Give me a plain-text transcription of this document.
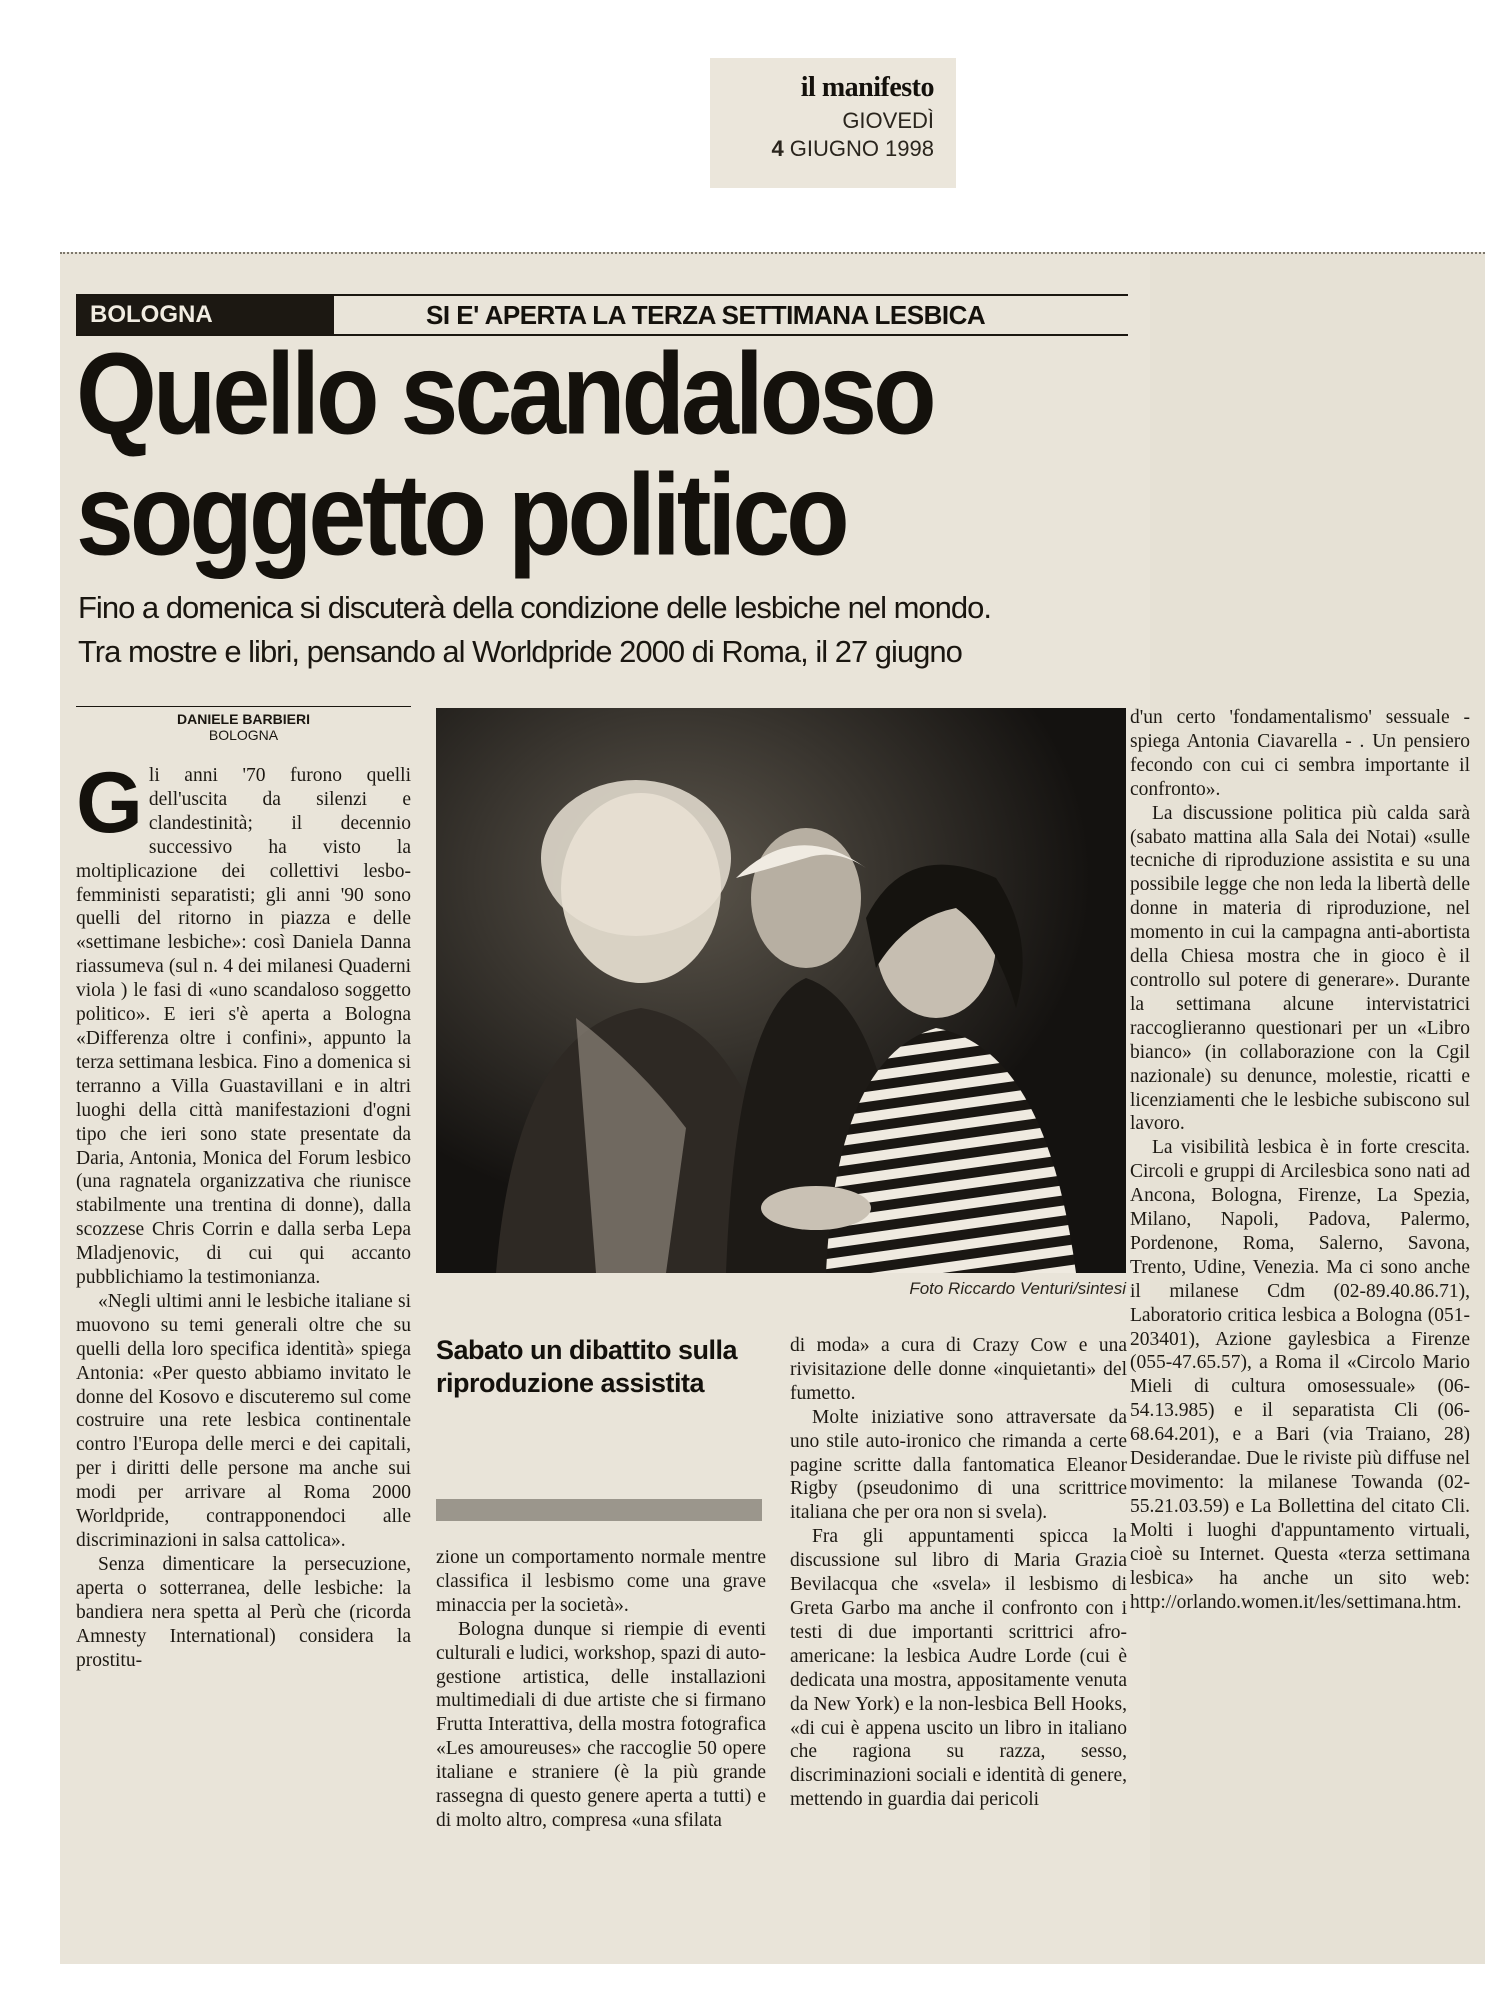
il manifesto
GIOVEDÌ
4 GIUGNO 1998
BOLOGNA	SI E' APERTA LA TERZA SETTIMANA LESBICA
Quello scandaloso
soggetto politico

Fino a domenica si discuterà della condizione delle lesbiche nel mondo.
Tra mostre e libri, pensando al Worldpride 2000 di Roma, il 27 giugno

DANIELE BARBIERI
BOLOGNA

Gli anni '70 furono quelli dell'uscita da silenzi e clandestinità; il decennio successivo ha visto la moltiplicazione dei collettivi lesbo-femministi separatisti; gli anni '90 sono quelli del ritorno in piazza e delle «settimane lesbiche»: così Daniela Danna riassumeva (sul n. 4 dei milanesi Quaderni viola ) le fasi di «uno scandaloso soggetto politico». E ieri s'è aperta a Bologna «Differenza oltre i confini», appunto la terza settimana lesbica. Fino a domenica si terranno a Villa Guastavillani e in altri luoghi della città manifestazioni d'ogni tipo che ieri sono state presentate da Daria, Antonia, Monica del Forum lesbico (una ragnatela organizzativa che riunisce stabilmente una trentina di donne), dalla scozzese Chris Corrin e dalla serba Lepa Mladjenovic, di cui qui accanto pubblichiamo la testimonianza.

«Negli ultimi anni le lesbiche italiane si muovono su temi generali oltre che su quelli della loro specifica identità» spiega Antonia: «Per questo abbiamo invitato le donne del Kosovo e discuteremo sul come costruire una rete lesbica continentale contro l'Europa delle merci e dei capitali, per i diritti delle persone ma anche sui modi per arrivare al Roma 2000 Worldpride, contrapponendoci alle discriminazioni in salsa cattolica».

Senza dimenticare la persecuzione, aperta o sotterranea, delle lesbiche: la bandiera nera spetta al Perù che (ricorda Amnesty International) considera la prostitu-

Foto Riccardo Venturi/sintesi
Sabato un dibattito sulla riproduzione assistita

zione un comportamento normale mentre classifica il lesbismo come una grave minaccia per la società».

Bologna dunque si riempie di eventi culturali e ludici, workshop, spazi di auto-gestione artistica, delle installazioni multimediali di due artiste che si firmano Frutta Interattiva, della mostra fotografica «Les amoureuses» che raccoglie 50 opere italiane e straniere (è la più grande rassegna di questo genere aperta a tutti) e di molto altro, compresa «una sfilata

di moda» a cura di Crazy Cow e una rivisitazione delle donne «inquietanti» del fumetto.

Molte iniziative sono attraversate da uno stile auto-ironico che rimanda a certe pagine scritte dalla fantomatica Eleanor Rigby (pseudonimo di una scrittrice italiana che per ora non si svela).

Fra gli appuntamenti spicca la discussione sul libro di Maria Grazia Bevilacqua che «svela» il lesbismo di Greta Garbo ma anche il confronto con i testi di due importanti scrittrici afro-americane: la lesbica Audre Lorde (cui è dedicata una mostra, appositamente venuta da New York) e la non-lesbica Bell Hooks, «di cui è appena uscito un libro in italiano che ragiona su razza, sesso, discriminazioni sociali e identità di genere, mettendo in guardia dai pericoli

d'un certo 'fondamentalismo' sessuale - spiega Antonia Ciavarella - . Un pensiero fecondo con cui ci sembra importante il confronto».

La discussione politica più calda sarà (sabato mattina alla Sala dei Notai) «sulle tecniche di riproduzione assistita e su una possibile legge che non leda la libertà delle donne in materia di riproduzione, nel momento in cui la campagna anti-abortista della Chiesa mostra che in gioco è il controllo sul potere di generare». Durante la settimana alcune intervistatrici raccoglieranno questionari per un «Libro bianco» (in collaborazione con la Cgil nazionale) su denunce, molestie, ricatti e licenziamenti che le lesbiche subiscono sul lavoro.

La visibilità lesbica è in forte crescita. Circoli e gruppi di Arcilesbica sono nati ad Ancona, Bologna, Firenze, La Spezia, Milano, Napoli, Padova, Palermo, Pordenone, Roma, Salerno, Savona, Trento, Udine, Venezia. Ma ci sono anche il milanese Cdm (02-89.40.86.71), Laboratorio critica lesbica a Bologna (051- 203401), Azione gaylesbica a Firenze (055-47.65.57), a Roma il «Circolo Mario Mieli di cultura omosessuale» (06-54.13.985) e il separatista Cli (06-68.64.201), e a Bari (via Traiano, 28) Desiderandae. Due le riviste più diffuse nel movimento: la milanese Towanda (02-55.21.03.59) e La Bollettina del citato Cli. Molti i luoghi d'appuntamento virtuali, cioè su Internet. Questa «terza settimana lesbica» ha anche un sito web: http://orlando.women.it/les/settimana.htm.
